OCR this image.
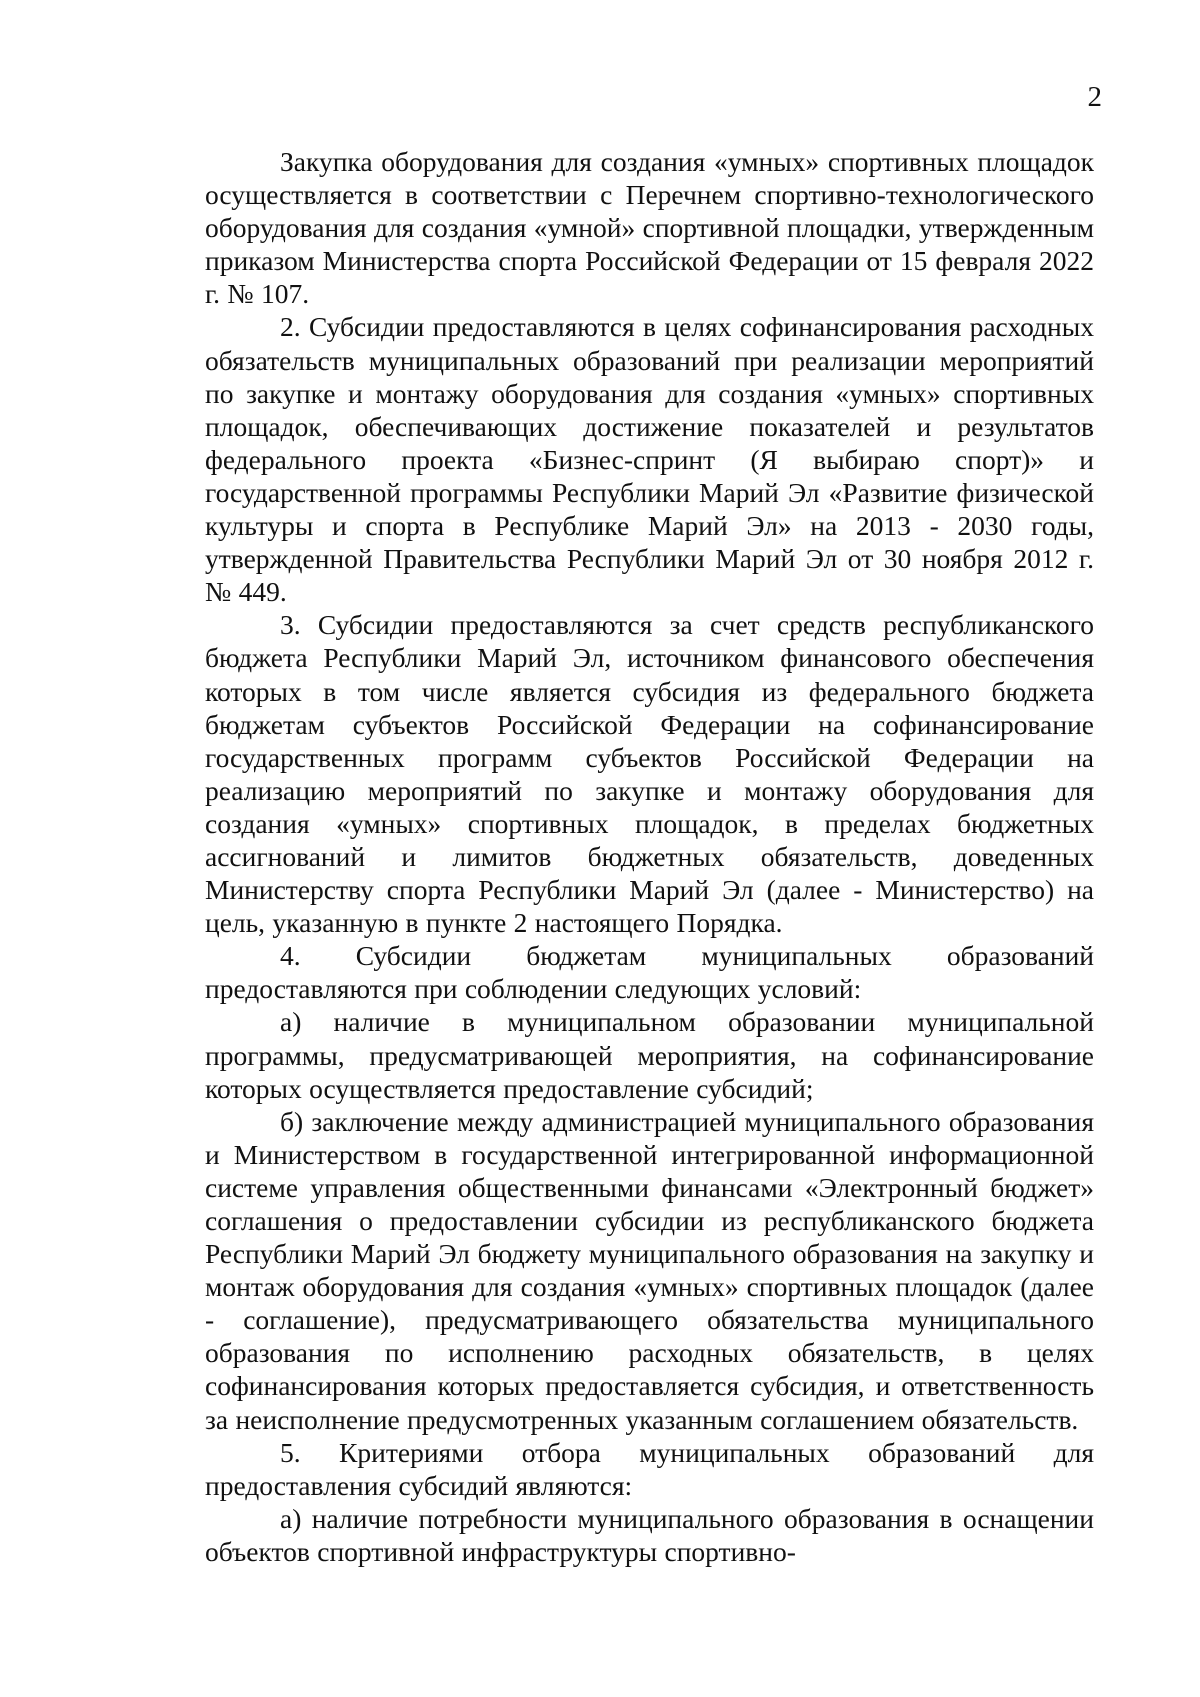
2

Закупка оборудования для создания «умных» спортивных площадок осуществляется в соответствии с Перечнем спортивно-технологического оборудования для создания «умной» спортивной площадки, утвержденным приказом Министерства спорта Российской Федерации от 15 февраля 2022 г. № 107.

2. Субсидии предоставляются в целях софинансирования расходных обязательств муниципальных образований при реализации мероприятий по закупке и монтажу оборудования для создания «умных» спортивных площадок, обеспечивающих достижение показателей и результатов федерального проекта «Бизнес-спринт (Я выбираю спорт)» и государственной программы Республики Марий Эл «Развитие физической культуры и спорта в Республике Марий Эл» на 2013 - 2030 годы, утвержденной Правительства Республики Марий Эл от 30 ноября 2012 г. № 449.

3. Субсидии предоставляются за счет средств республиканского бюджета Республики Марий Эл, источником финансового обеспечения которых в том числе является субсидия из федерального бюджета бюджетам субъектов Российской Федерации на софинансирование государственных программ субъектов Российской Федерации на реализацию мероприятий по закупке и монтажу оборудования для создания «умных» спортивных площадок, в пределах бюджетных ассигнований и лимитов бюджетных обязательств, доведенных Министерству спорта Республики Марий Эл (далее - Министерство) на цель, указанную в пункте 2 настоящего Порядка.

4. Субсидии бюджетам муниципальных образований предоставляются при соблюдении следующих условий:

а) наличие в муниципальном образовании муниципальной программы, предусматривающей мероприятия, на софинансирование которых осуществляется предоставление субсидий;

б) заключение между администрацией муниципального образования и Министерством в государственной интегрированной информационной системе управления общественными финансами «Электронный бюджет» соглашения о предоставлении субсидии из республиканского бюджета Республики Марий Эл бюджету муниципального образования на закупку и монтаж оборудования для создания «умных» спортивных площадок (далее - соглашение), предусматривающего обязательства муниципального образования по исполнению расходных обязательств, в целях софинансирования которых предоставляется субсидия, и ответственность за неисполнение предусмотренных указанным соглашением обязательств.

5. Критериями отбора муниципальных образований для предоставления субсидий являются:

а) наличие потребности муниципального образования в оснащении объектов спортивной инфраструктуры спортивно-
